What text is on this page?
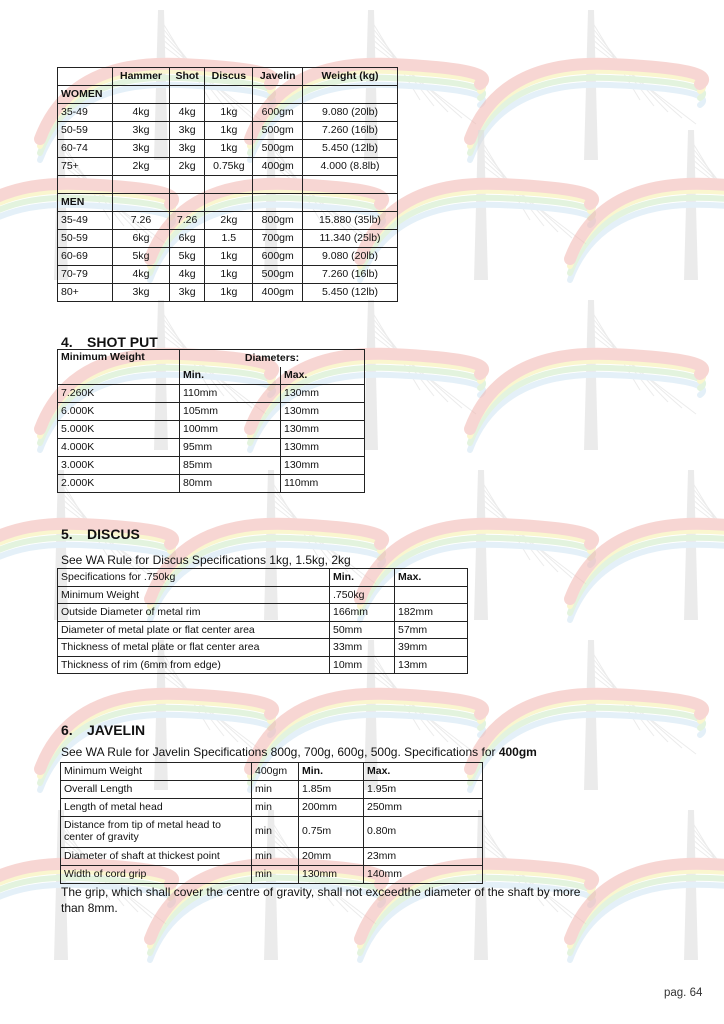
	Hammer	Shot	Discus	Javelin	Weight (kg)
WOMEN					
35-49	4kg	4kg	1kg	600gm	9.080 (20lb)
50-59	3kg	3kg	1kg	500gm	7.260 (16lb)
60-74	3kg	3kg	1kg	500gm	5.450 (12lb)
75+	2kg	2kg	0.75kg	400gm	4.000 (8.8lb)

MEN					
35-49	7.26	7.26	2kg	800gm	15.880 (35lb)
50-59	6kg	6kg	1.5	700gm	11.340 (25lb)
60-69	5kg	5kg	1kg	600gm	9.080 (20lb)
70-79	4kg	4kg	1kg	500gm	7.260 (16lb)
80+	3kg	3kg	1kg	400gm	5.450 (12lb)
4. SHOT PUT
Minimum Weight	Diameters:	
	Min.	Max.
7.260K	110mm	130mm
6.000K	105mm	130mm
5.000K	100mm	130mm
4.000K	95mm	130mm
3.000K	85mm	130mm
2.000K	80mm	110mm
5. DISCUS
See WA Rule for Discus Specifications 1kg, 1.5kg, 2kg
Specifications for .750kg	Min.	Max.
Minimum Weight	.750kg	
Outside Diameter of metal rim	166mm	182mm
Diameter of metal plate or flat center area	50mm	57mm
Thickness of metal plate or flat center area	33mm	39mm
Thickness of rim (6mm from edge)	10mm	13mm
6. JAVELIN
See WA Rule for Javelin Specifications 800g, 700g, 600g, 500g. Specifications for 400gm
Minimum Weight	400gm	Min.	Max.
Overall Length	min	1.85m	1.95m
Length of metal head	min	200mm	250mm
Distance from tip of metal head to center of gravity	min	0.75m	0.80m
Diameter of shaft at thickest point	min	20mm	23mm
Width of cord grip	min	130mm	140mm
The grip, which shall cover the centre of gravity, shall not exceedthe diameter of the shaft by more than 8mm.
pag. 64
